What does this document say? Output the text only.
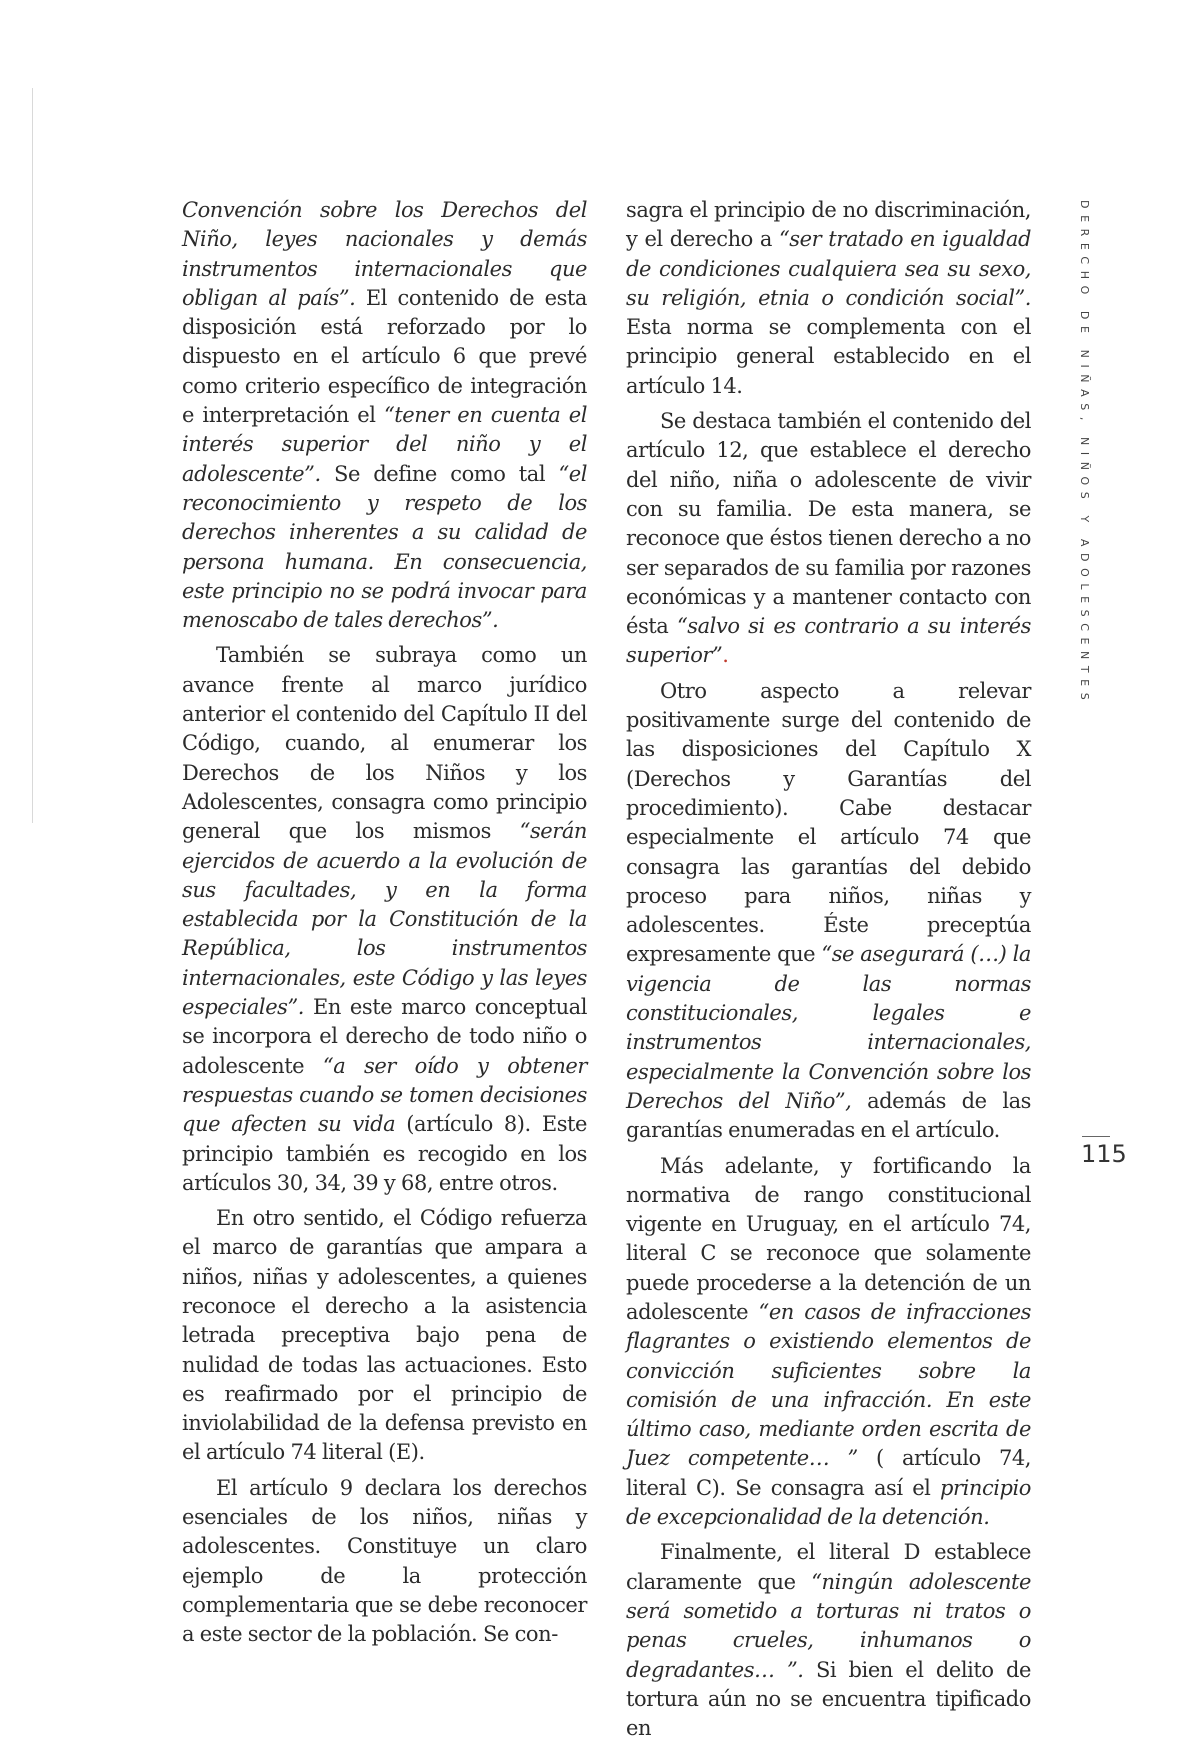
Convención sobre los Derechos del Niño, leyes nacionales y demás instrumentos internacionales que obligan al país”. El contenido de esta disposición está reforzado por lo dispuesto en el artículo 6 que prevé como criterio específico de integración e interpretación el “tener en cuenta el interés superior del niño y el adolescente”. Se define como tal “el reconocimiento y respeto de los derechos inherentes a su calidad de persona humana. En consecuencia, este principio no se podrá invocar para menoscabo de tales derechos”.

También se subraya como un avance frente al marco jurídico anterior el contenido del Capítulo II del Código, cuando, al enumerar los Derechos de los Niños y los Adolescentes, consagra como principio general que los mismos “serán ejercidos de acuerdo a la evolución de sus facultades, y en la forma establecida por la Constitución de la República, los instrumentos internacionales, este Código y las leyes especiales”. En este marco conceptual se incorpora el derecho de todo niño o adolescente “a ser oído y obtener respuestas cuando se tomen decisiones que afecten su vida (artículo 8). Este principio también es recogido en los artículos 30, 34, 39 y 68, entre otros.

En otro sentido, el Código refuerza el marco de garantías que ampara a niños, niñas y adolescentes, a quienes reconoce el derecho a la asistencia letrada preceptiva bajo pena de nulidad de todas las actuaciones. Esto es reafirmado por el principio de inviolabilidad de la defensa previsto en el artículo 74 literal (E).

El artículo 9 declara los derechos esenciales de los niños, niñas y adolescentes. Constituye un claro ejemplo de la protección complementaria que se debe reconocer a este sector de la población. Se con-

sagra el principio de no discriminación, y el derecho a “ser tratado en igualdad de condiciones cualquiera sea su sexo, su religión, etnia o condición social”. Esta norma se complementa con el principio general establecido en el artículo 14.

Se destaca también el contenido del artículo 12, que establece el derecho del niño, niña o adolescente de vivir con su familia. De esta manera, se reconoce que éstos tienen derecho a no ser separados de su familia por razones económicas y a mantener contacto con ésta “salvo si es contrario a su interés superior”.

Otro aspecto a relevar positivamente surge del contenido de las disposiciones del Capítulo X (Derechos y Garantías del procedimiento). Cabe destacar especialmente el artículo 74 que consagra las garantías del debido proceso para niños, niñas y adolescentes. Éste preceptúa expresamente que “se asegurará (…) la vigencia de las normas constitucionales, legales e instrumentos internacionales, especialmente la Convención sobre los Derechos del Niño”, además de las garantías enumeradas en el artículo.

Más adelante, y fortificando la normativa de rango constitucional vigente en Uruguay, en el artículo 74, literal C se reconoce que solamente puede procederse a la detención de un adolescente “en casos de infracciones flagrantes o existiendo elementos de convicción suficientes sobre la comisión de una infracción. En este último caso, mediante orden escrita de Juez competente… ” ( artículo 74, literal C). Se consagra así el principio de excepcionalidad de la detención.

Finalmente, el literal D establece claramente que “ningún adolescente será sometido a torturas ni tratos o penas crueles, inhumanos o degradantes… ”. Si bien el delito de tortura aún no se encuentra tipificado en

DERECHO DE NIÑAS, NIÑOS Y ADOLESCENTES
115
